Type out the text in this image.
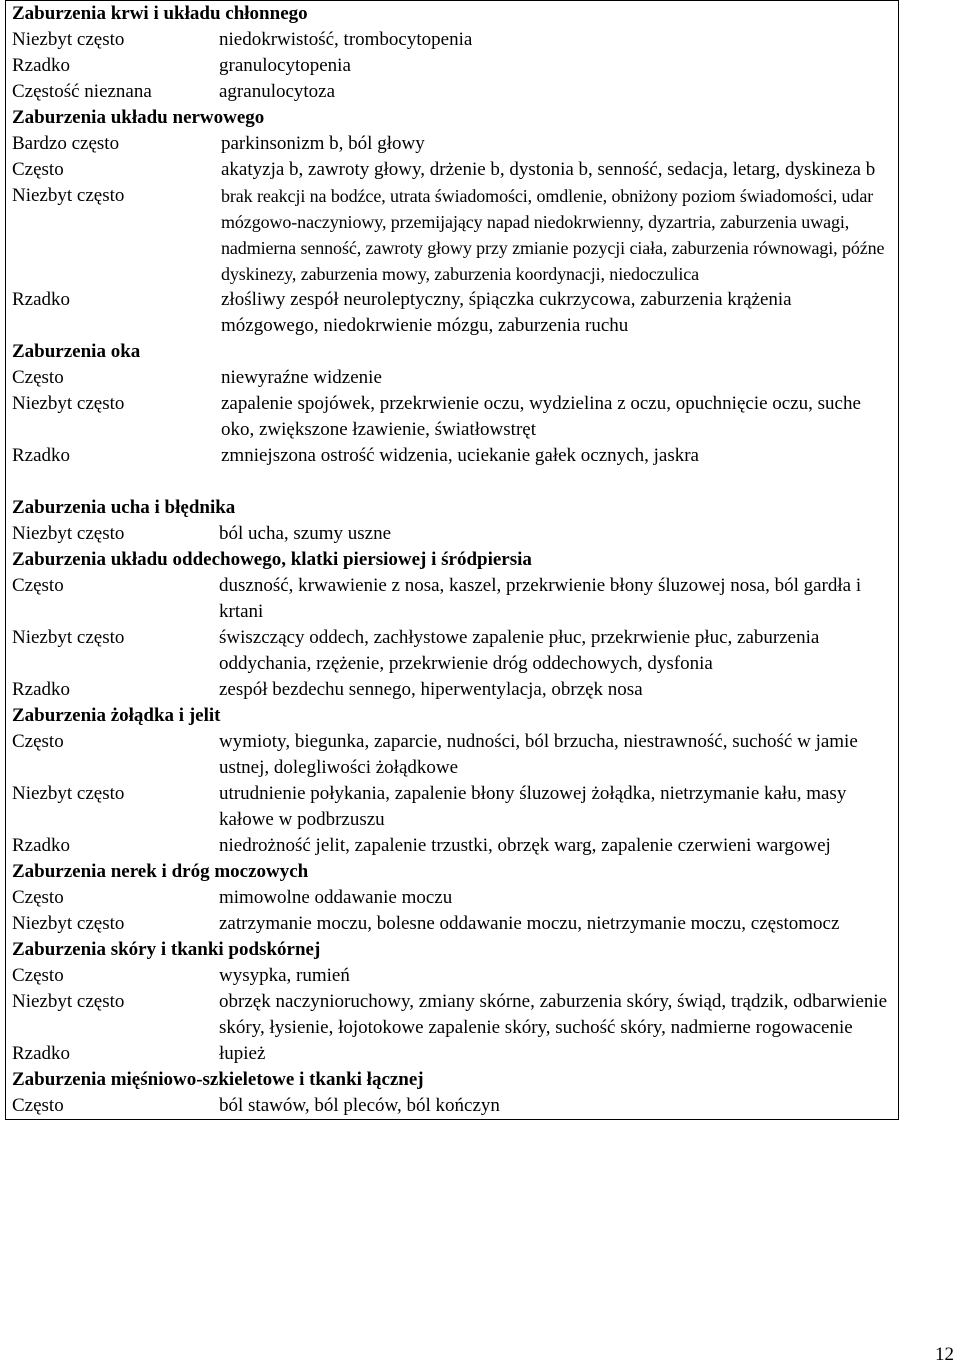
Zaburzenia krwi i układu chłonnego
Niezbyt często	niedokrwistość, trombocytopenia
Rzadko	granulocytopenia
Częstość nieznana	agranulocytoza
Zaburzenia układu nerwowego
Bardzo często	parkinsonizm b, ból głowy
Często	akatyzja b, zawroty głowy, drżenie b, dystonia b, senność, sedacja, letarg, dyskineza b
Niezbyt często	brak reakcji na bodźce, utrata świadomości, omdlenie, obniżony poziom świadomości, udar mózgowo-naczyniowy, przemijający napad niedokrwienny, dyzartria, zaburzenia uwagi, nadmierna senność, zawroty głowy przy zmianie pozycji ciała, zaburzenia równowagi, późne dyskinezy, zaburzenia mowy, zaburzenia koordynacji, niedoczulica
Rzadko	złośliwy zespół neuroleptyczny, śpiączka cukrzycowa, zaburzenia krążenia mózgowego, niedokrwienie mózgu, zaburzenia ruchu
Zaburzenia oka
Często	niewyraźne widzenie
Niezbyt często	zapalenie spojówek, przekrwienie oczu, wydzielina z oczu, opuchnięcie oczu, suche oko, zwiększone łzawienie, światłowstręt
Rzadko	zmniejszona ostrość widzenia, uciekanie gałek ocznych, jaskra
Zaburzenia ucha i błędnika
Niezbyt często	ból ucha, szumy uszne
Zaburzenia układu oddechowego, klatki piersiowej i śródpiersia
Często	duszność, krwawienie z nosa, kaszel, przekrwienie błony śluzowej nosa, ból gardła i krtani
Niezbyt często	świszczący oddech, zachłystowe zapalenie płuc, przekrwienie płuc, zaburzenia oddychania, rzężenie, przekrwienie dróg oddechowych, dysfonia
Rzadko	zespół bezdechu sennego, hiperwentylacja, obrzęk nosa
Zaburzenia żołądka i jelit
Często	wymioty, biegunka, zaparcie, nudności, ból brzucha, niestrawność, suchość w jamie ustnej, dolegliwości żołądkowe
Niezbyt często	utrudnienie połykania, zapalenie błony śluzowej żołądka, nietrzymanie kału, masy kałowe w podbrzuszu
Rzadko	niedrożność jelit, zapalenie trzustki, obrzęk warg, zapalenie czerwieni wargowej
Zaburzenia nerek i dróg moczowych
Często	mimowolne oddawanie moczu
Niezbyt często	zatrzymanie moczu, bolesne oddawanie moczu, nietrzymanie moczu, częstomocz
Zaburzenia skóry i tkanki podskórnej
Często	wysypka, rumień
Niezbyt często	obrzęk naczynioruchowy, zmiany skórne, zaburzenia skóry, świąd, trądzik, odbarwienie skóry, łysienie, łojotokowe zapalenie skóry, suchość skóry, nadmierne rogowacenie
Rzadko	łupież
Zaburzenia mięśniowo-szkieletowe i tkanki łącznej
Często	ból stawów, ból pleców, ból kończyn
12
